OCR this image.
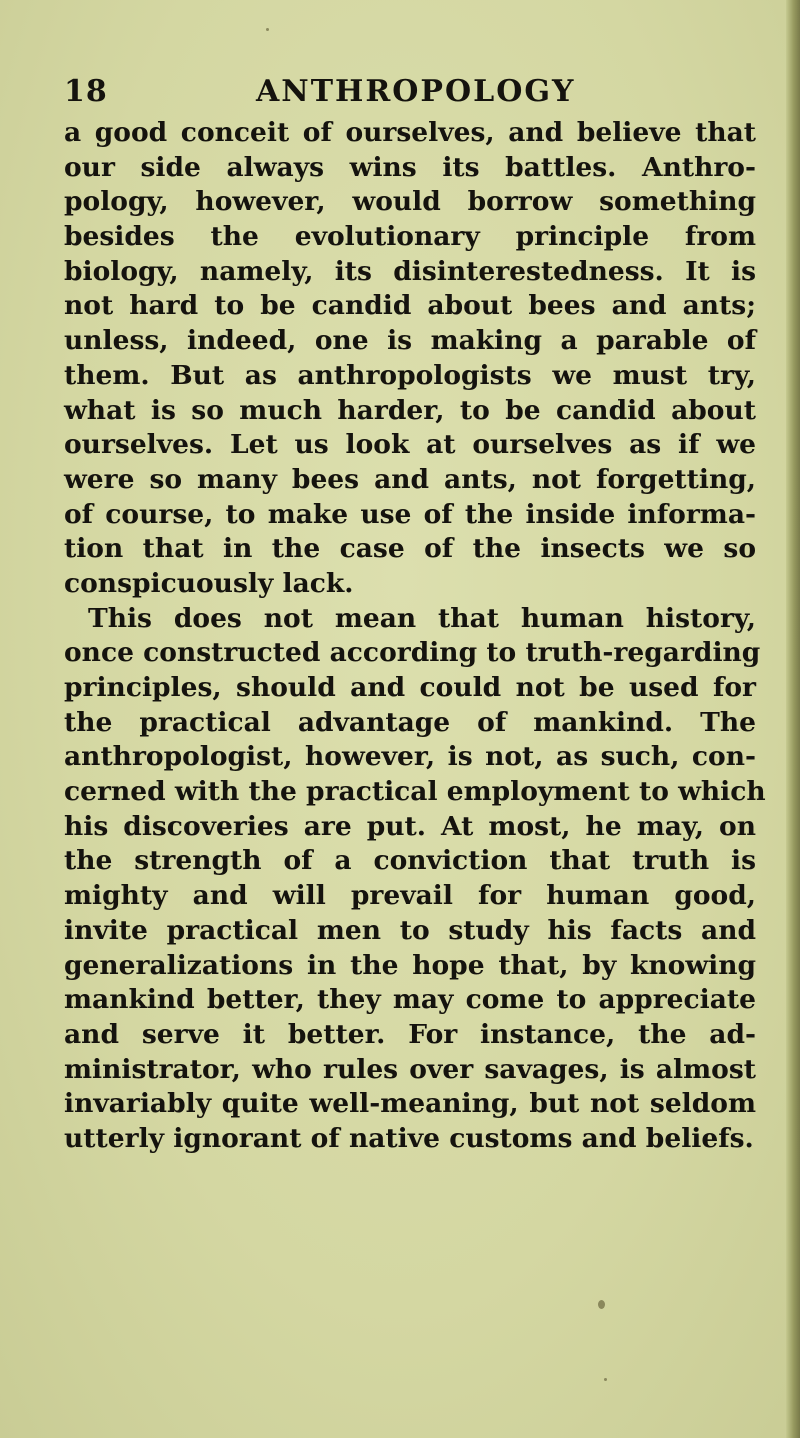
18	ANTHROPOLOGY
a good conceit of ourselves, and believe that
our side always wins its battles. Anthro-
pology, however, would borrow something
besides the evolutionary principle from
biology, namely, its disinterestedness. It is
not hard to be candid about bees and ants;
unless, indeed, one is making a parable of
them. But as anthropologists we must try,
what is so much harder, to be candid about
ourselves. Let us look at ourselves as if we
were so many bees and ants, not forgetting,
of course, to make use of the inside informa-
tion that in the case of the insects we so
conspicuously lack.
This does not mean that human history,
once constructed according to truth-regarding
principles, should and could not be used for
the practical advantage of mankind. The
anthropologist, however, is not, as such, con-
cerned with the practical employment to which
his discoveries are put. At most, he may, on
the strength of a conviction that truth is
mighty and will prevail for human good,
invite practical men to study his facts and
generalizations in the hope that, by knowing
mankind better, they may come to appreciate
and serve it better. For instance, the ad-
ministrator, who rules over savages, is almost
invariably quite well-meaning, but not seldom
utterly ignorant of native customs and beliefs.
